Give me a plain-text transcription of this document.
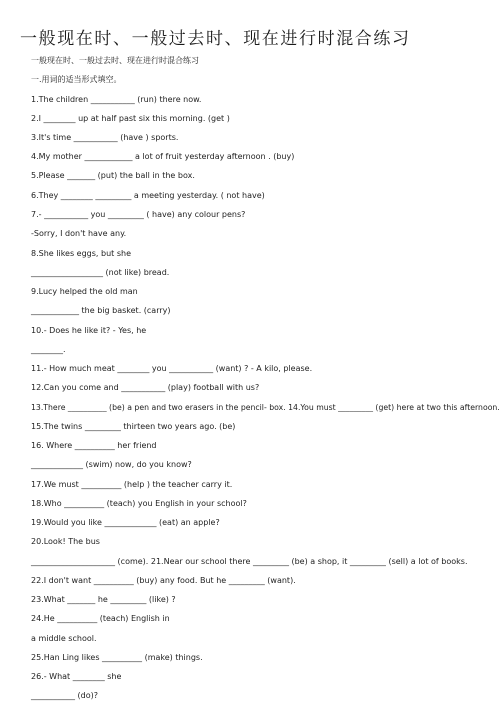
一般现在时、一般过去时、现在进行时混合练习
一般现在时、一般过去时、现在进行时混合练习
一.用词的适当形式填空。
1.The children ___________ (run) there now.
2.I ________ up at half past six this morning. (get )
3.It's time ___________ (have ) sports.
4.My mother ____________ a lot of fruit yesterday afternoon . (buy)
5.Please _______ (put) the ball in the box.
6.They ________ _________ a meeting yesterday. ( not have)
7.- ___________ you _________ ( have) any colour pens?
-Sorry, I don't have any.
8.She likes eggs, but she
__________________ (not like) bread.
9.Lucy helped the old man
____________ the big basket. (carry)
10.- Does he like it? - Yes, he
________.
11.- How much meat ________ you ___________ (want) ? - A kilo, please.
12.Can you come and ___________ (play) football with us?
13.There __________ (be) a pen and two erasers in the pencil- box. 14.You must _________ (get) here at two this afternoon.
15.The twins _________ thirteen two years ago. (be)
16. Where __________ her friend
_____________ (swim) now, do you know?
17.We must __________ (help ) the teacher carry it.
18.Who __________ (teach) you English in your school?
19.Would you like _____________ (eat) an apple?
20.Look! The bus
_____________________ (come). 21.Near our school there _________ (be) a shop, it _________ (sell) a lot of books.
22.I don't want __________ (buy) any food. But he _________ (want).
23.What _______ he _________ (like) ?
24.He __________ (teach) English in
a middle school.
25.Han Ling likes __________ (make) things.
26.- What ________ she
___________ (do)?
